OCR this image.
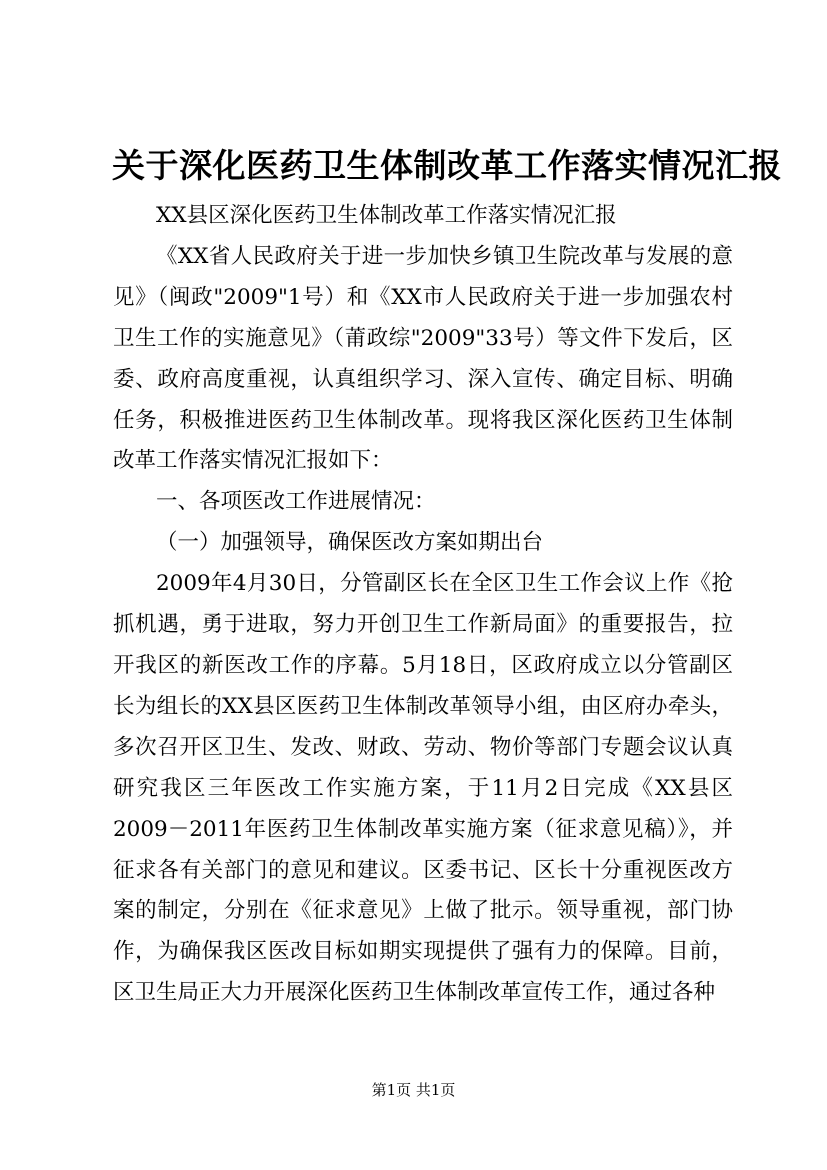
关于深化医药卫生体制改革工作落实情况汇报

XX县区深化医药卫生体制改革工作落实情况汇报

《XX省人民政府关于进一步加快乡镇卫生院改革与发展的意见》（闽政"2009"1号）和《XX市人民政府关于进一步加强农村卫生工作的实施意见》（莆政综"2009"33号）等文件下发后，区委、政府高度重视，认真组织学习、深入宣传、确定目标、明确任务，积极推进医药卫生体制改革。现将我区深化医药卫生体制改革工作落实情况汇报如下：

一、各项医改工作进展情况：

（一）加强领导，确保医改方案如期出台

2009年4月30日，分管副区长在全区卫生工作会议上作《抢抓机遇，勇于进取，努力开创卫生工作新局面》的重要报告，拉开我区的新医改工作的序幕。5月18日，区政府成立以分管副区长为组长的XX县区医药卫生体制改革领导小组，由区府办牵头，多次召开区卫生、发改、财政、劳动、物价等部门专题会议认真研究我区三年医改工作实施方案，于11月2日完成《XX县区2009－2011年医药卫生体制改革实施方案（征求意见稿）》，并征求各有关部门的意见和建议。区委书记、区长十分重视医改方案的制定，分别在《征求意见》上做了批示。领导重视，部门协作，为确保我区医改目标如期实现提供了强有力的保障。目前，区卫生局正大力开展深化医药卫生体制改革宣传工作，通过各种

第1页 共1页
